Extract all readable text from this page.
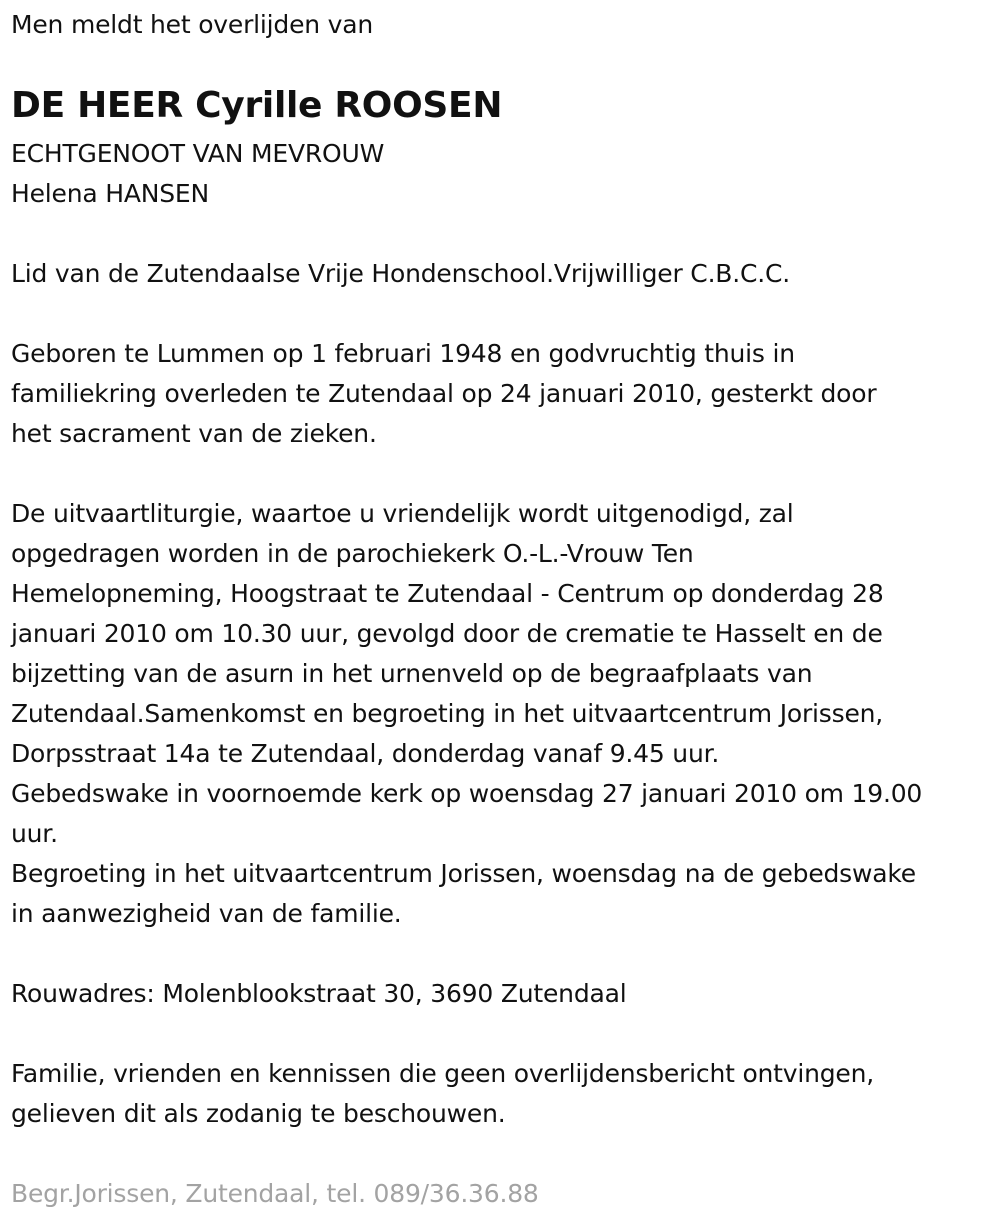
Men meldt het overlijden van
DE HEER Cyrille ROOSEN
ECHTGENOOT VAN MEVROUW
Helena HANSEN
Lid van de Zutendaalse Vrije Hondenschool.Vrijwilliger C.B.C.C.
Geboren te Lummen op 1 februari 1948 en godvruchtig thuis in
familiekring overleden te Zutendaal op 24 januari 2010, gesterkt door
het sacrament van de zieken.
De uitvaartliturgie, waartoe u vriendelijk wordt uitgenodigd, zal
opgedragen worden in de parochiekerk O.-L.-Vrouw Ten
Hemelopneming, Hoogstraat te Zutendaal - Centrum op donderdag 28
januari 2010 om 10.30 uur, gevolgd door de crematie te Hasselt en de
bijzetting van de asurn in het urnenveld op de begraafplaats van
Zutendaal.Samenkomst en begroeting in het uitvaartcentrum Jorissen,
Dorpsstraat 14a te Zutendaal, donderdag vanaf 9.45 uur.
Gebedswake in voornoemde kerk op woensdag 27 januari 2010 om 19.00
uur.
Begroeting in het uitvaartcentrum Jorissen, woensdag na de gebedswake
in aanwezigheid van de familie.
Rouwadres: Molenblookstraat 30, 3690 Zutendaal
Familie, vrienden en kennissen die geen overlijdensbericht ontvingen,
gelieven dit als zodanig te beschouwen.
Begr.Jorissen, Zutendaal, tel. 089/36.36.88
